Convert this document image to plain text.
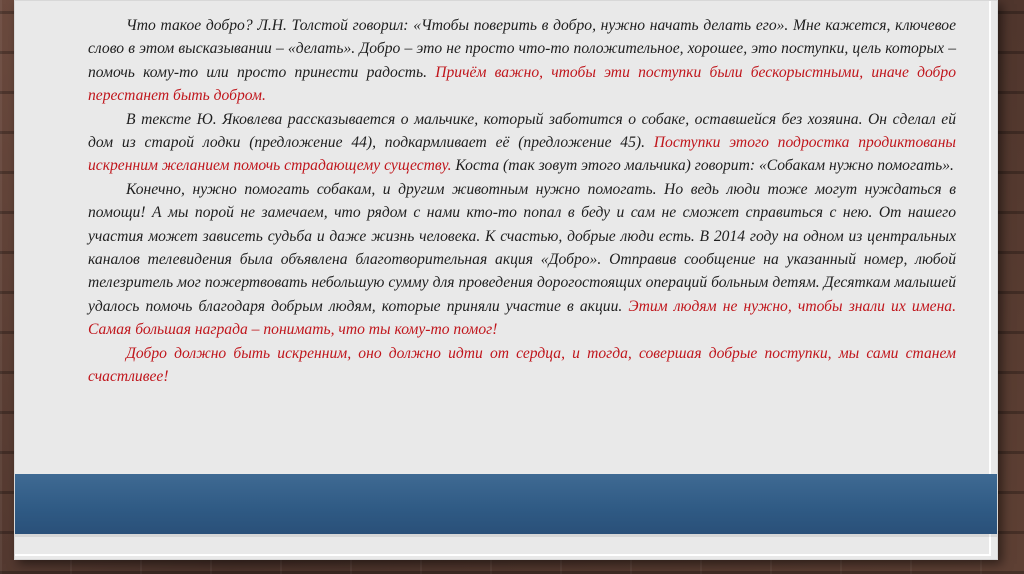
Что такое добро? Л.Н. Толстой говорил: «Чтобы поверить в добро, нужно начать делать его». Мне кажется, ключевое слово в этом высказывании – «делать». Добро – это не просто что-то положительное, хорошее, это поступки, цель которых – помочь кому-то или просто принести радость. Причём важно, чтобы эти поступки были бескорыстными, иначе добро перестанет быть добром.

В тексте Ю. Яковлева рассказывается о мальчике, который заботится о собаке, оставшейся без хозяина. Он сделал ей дом из старой лодки (предложение 44), подкармливает её (предложение 45). Поступки этого подростка продиктованы искренним желанием помочь страдающему существу. Коста (так зовут этого мальчика) говорит: «Собакам нужно помогать».

Конечно, нужно помогать собакам, и другим животным нужно помогать. Но ведь люди тоже могут нуждаться в помощи! А мы порой не замечаем, что рядом с нами кто-то попал в беду и сам не сможет справиться с нею. От нашего участия может зависеть судьба и даже жизнь человека. К счастью, добрые люди есть. В 2014 году на одном из центральных каналов телевидения была объявлена благотворительная акция «Добро». Отправив сообщение на указанный номер, любой телезритель мог пожертвовать небольшую сумму для проведения дорогостоящих операций больным детям. Десяткам малышей удалось помочь благодаря добрым людям, которые приняли участие в акции. Этим людям не нужно, чтобы знали их имена. Самая большая награда – понимать, что ты кому-то помог!

Добро должно быть искренним, оно должно идти от сердца, и тогда, совершая добрые поступки, мы сами станем счастливее!
